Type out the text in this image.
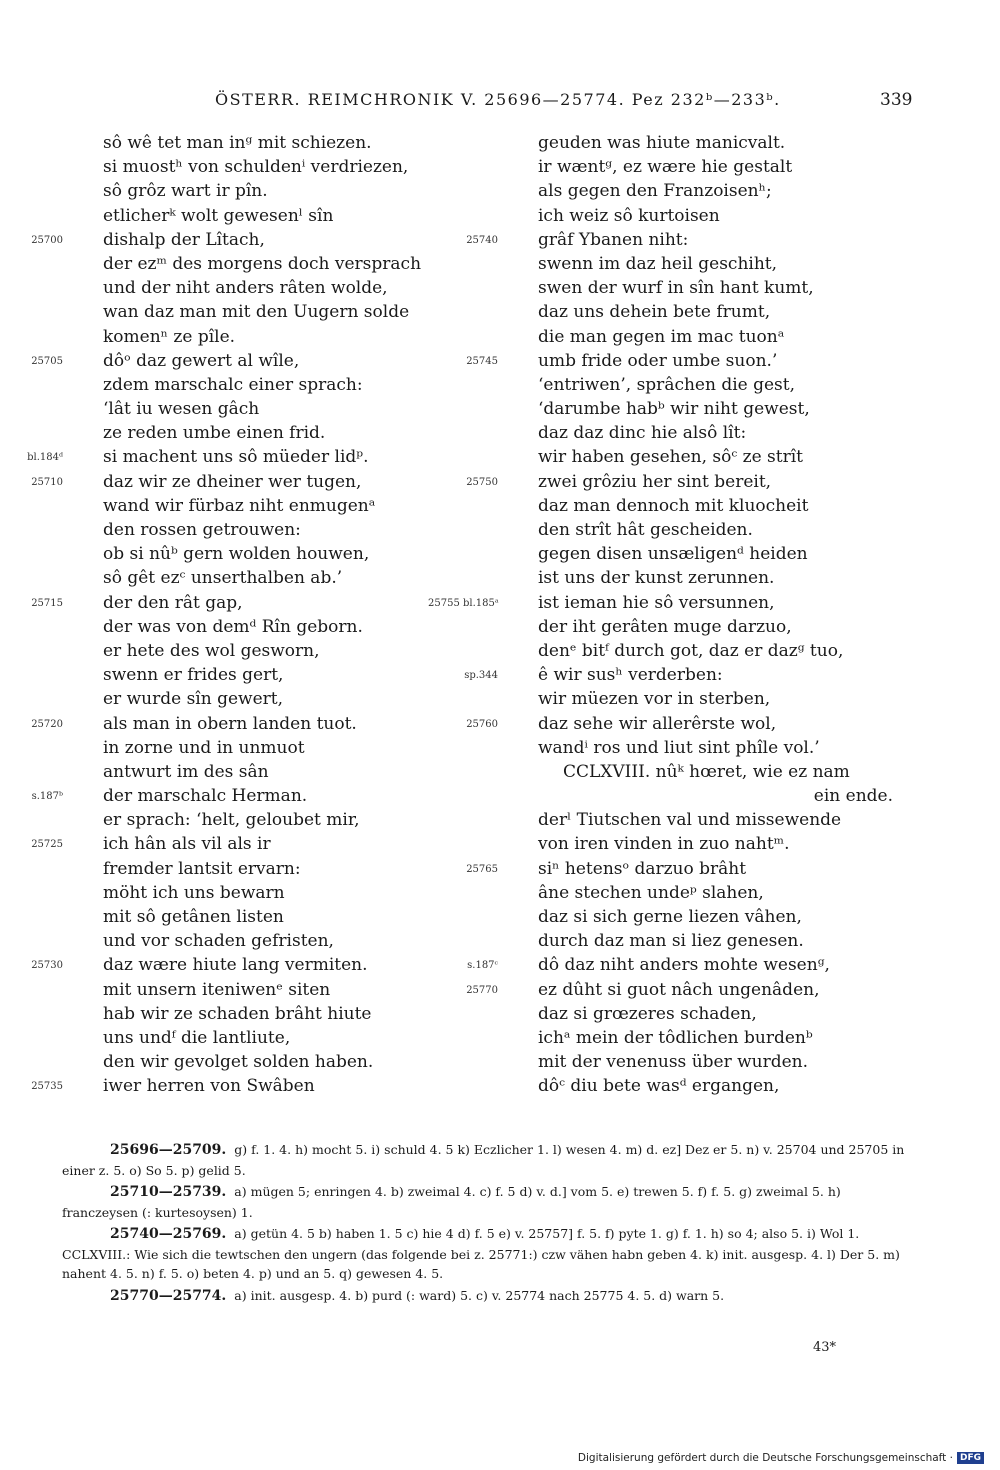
ÖSTERR. REIMCHRONIK V. 25696—25774. Pez 232ᵇ—233ᵇ.	339
sô wê tet man inᵍ mit schiezen.
si muostʰ von schuldenⁱ verdriezen,
sô grôz wart ir pîn.
etlicherᵏ wolt gewesenˡ sîn
25700 dishalp der Lîtach,
der ezᵐ des morgens doch versprach
und der niht anders râten wolde,
wan daz man mit den Uugern solde
komenⁿ ze pîle.
25705 dôᵒ daz gewert al wîle,
zdem marschalc einer sprach:
‘lât iu wesen gâch
ze reden umbe einen frid.
bl.184ᵈ si machent uns sô müeder lidᵖ.
25710 daz wir ze dheiner wer tugen,
wand wir fürbaz niht enmugenᵃ
den rossen getrouwen:
ob si nûᵇ gern wolden houwen,
sô gêt ezᶜ unserthalben ab.’
25715 der den rât gap,
der was von demᵈ Rîn geborn.
er hete des wol gesworn,
swenn er frides gert,
er wurde sîn gewert,
25720 als man in obern landen tuot.
in zorne und in unmuot
antwurt im des sân
s.187ᵇ der marschalc Herman.
er sprach: ‘helt, geloubet mir,
25725 ich hân als vil als ir
fremder lantsit ervarn:
möht ich uns bewarn
mit sô getânen listen
und vor schaden gefristen,
25730 daz wære hiute lang vermiten.
mit unsern iteniwenᵉ siten
hab wir ze schaden brâht hiute
uns undᶠ die lantliute,
den wir gevolget solden haben.
25735 iwer herren von Swâben
geuden was hiute manicvalt.
ir wæntᵍ, ez wære hie gestalt
als gegen den Franzoisenʰ;
ich weiz sô kurtoisen
25740 grâf Ybanen niht:
swenn im daz heil geschiht,
swen der wurf in sîn hant kumt,
daz uns dehein bete frumt,
die man gegen im mac tuonᵃ
25745 umb fride oder umbe suon.’
‘entriwen’, sprâchen die gest,
‘darumbe habᵇ wir niht gewest,
daz daz dinc hie alsô lît:
wir haben gesehen, sôᶜ ze strît
25750 zwei grôziu her sint bereit,
daz man dennoch mit kluocheit
den strît hât gescheiden.
gegen disen unsæligenᵈ heiden
ist uns der kunst zerunnen.
25755 bl.185ᵃ ist ieman hie sô versunnen,
der iht gerâten muge darzuo,
denᵉ bitᶠ durch got, daz er dazᵍ tuo,
sp.344 ê wir susʰ verderben:
wir müezen vor in sterben,
25760 daz sehe wir allerêrste wol,
wandⁱ ros und liut sint phîle vol.’
CCLXVIII. nûᵏ hœret, wie ez nam
ein ende.
derˡ Tiutschen val und missewende
von iren vinden in zuo nahtᵐ.
25765 siⁿ hetensᵒ darzuo brâht
âne stechen undeᵖ slahen,
daz si sich gerne liezen vâhen,
durch daz man si liez genesen.
s.187ᶜ dô daz niht anders mohte wesenᵍ,
25770 ez dûht si guot nâch ungenâden,
daz si grœzeres schaden,
ichᵃ mein der tôdlichen burdenᵇ
mit der venenuss über wurden.
dôᶜ diu bete wasᵈ ergangen,
25696—25709. g) f. 1. 4. h) mocht 5. i) schuld 4. 5 k) Eczlicher 1. l) wesen 4. m) d. ez] Dez er 5. n) v. 25704 und 25705 in einer z. 5. o) So 5. p) gelid 5.
25710—25739. a) mügen 5; enringen 4. b) zweimal 4. c) f. 5 d) v. d.] vom 5. e) trewen 5. f) f. 5. g) zweimal 5. h) franczeysen (: kurtesoysen) 1.
25740—25769. a) getün 4. 5 b) haben 1. 5 c) hie 4 d) f. 5 e) v. 25757] f. 5. f) pyte 1. g) f. 1. h) so 4; also 5. i) Wol 1. CCLXVIII.: Wie sich die tewtschen den ungern (das folgende bei z. 25771:) czw vähen habn geben 4. k) init. ausgesp. 4. l) Der 5. m) nahent 4. 5. n) f. 5. o) beten 4. p) und an 5. q) gewesen 4. 5.
25770—25774. a) init. ausgesp. 4. b) purd (: ward) 5. c) v. 25774 nach 25775 4. 5. d) warn 5.
43*
Digitalisierung gefördert durch die Deutsche Forschungsgemeinschaft · DFG
